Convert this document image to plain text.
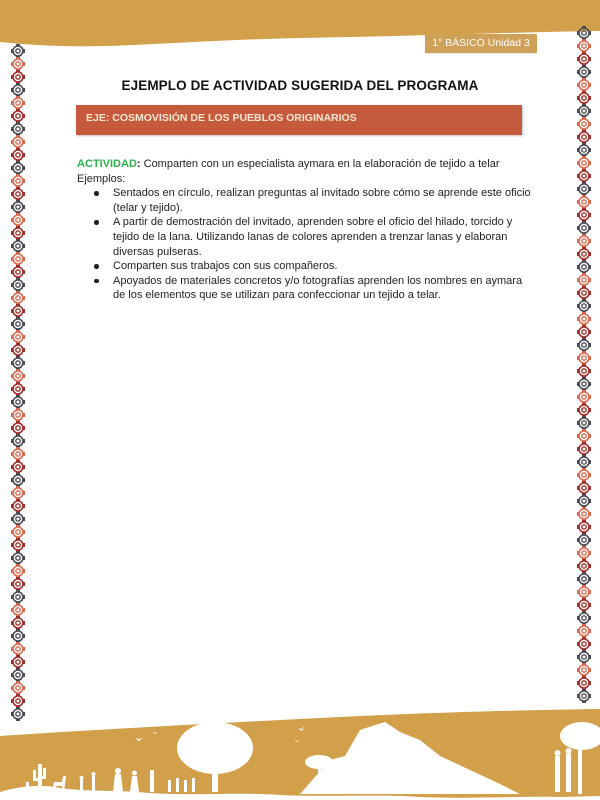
1° BÁSICO Unidad 3
EJEMPLO DE ACTIVIDAD SUGERIDA DEL PROGRAMA
EJE: COSMOVISIÓN DE LOS PUEBLOS ORIGINARIOS
ACTIVIDAD: Comparten con un especialista aymara en la elaboración de tejido a telar
Ejemplos:
Sentados en círculo, realizan preguntas al invitado sobre cómo se aprende este oficio (telar y tejido).
A partir de demostración del invitado, aprenden sobre el oficio del hilado, torcido y tejido de la lana. Utilizando lanas de colores aprenden a trenzar lanas y elaboran diversas pulseras.
Comparten sus trabajos con sus compañeros.
Apoyados de materiales concretos y/o fotografías aprenden los nombres en aymara de los elementos que se utilizan para confeccionar un tejido a telar.
